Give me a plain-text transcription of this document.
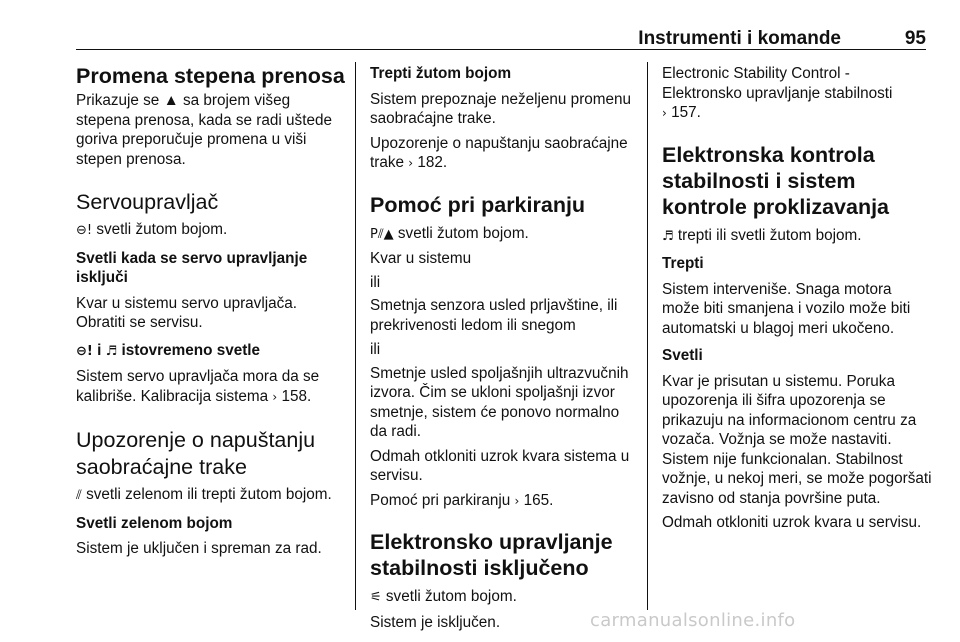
Instrumenti i komande	95
Promena stepena prenosa

Prikazuje se ▲ sa brojem višeg stepena prenosa, kada se radi uštede goriva preporučuje promena u viši stepen prenosa.

Servoupravljač

⊖! svetli žutom bojom.

Svetli kada se servo upravljanje isključi

Kvar u sistemu servo upravljača. Obratiti se servisu.

⊖! i ♬ istovremeno svetle

Sistem servo upravljača mora da se kalibriše. Kalibracija sistema › 158.

Upozorenje o napuštanju saobraćajne trake

⫽ svetli zelenom ili trepti žutom bojom.

Svetli zelenom bojom

Sistem je uključen i spreman za rad.

Trepti žutom bojom

Sistem prepoznaje neželjenu promenu saobraćajne trake.

Upozorenje o napuštanju saobraćajne trake › 182.

Pomoć pri parkiranju

P⫽▲ svetli žutom bojom.

Kvar u sistemu

ili

Smetnja senzora usled prljavštine, ili prekrivenosti ledom ili snegom

ili

Smetnje usled spoljašnjih ultrazvučnih izvora. Čim se ukloni spoljašnji izvor smetnje, sistem će ponovo normalno da radi.

Odmah otkloniti uzrok kvara sistema u servisu.

Pomoć pri parkiranju › 165.

Elektronsko upravljanje stabilnosti isključeno

⚟ svetli žutom bojom.

Sistem je isključen.

Electronic Stability Control - Elektronsko upravljanje stabilnosti

› 157.

Elektronska kontrola stabilnosti i sistem kontrole proklizavanja

♬ trepti ili svetli žutom bojom.

Trepti

Sistem interveniše. Snaga motora može biti smanjena i vozilo može biti automatski u blagoj meri ukočeno.

Svetli

Kvar je prisutan u sistemu. Poruka upozorenja ili šifra upozorenja se prikazuju na informacionom centru za vozača. Vožnja se može nastaviti. Sistem nije funkcionalan. Stabilnost vožnje, u nekoj meri, se može pogoršati zavisno od stanja površine puta.

Odmah otkloniti uzrok kvara u servisu.

carmanualsonline.info
